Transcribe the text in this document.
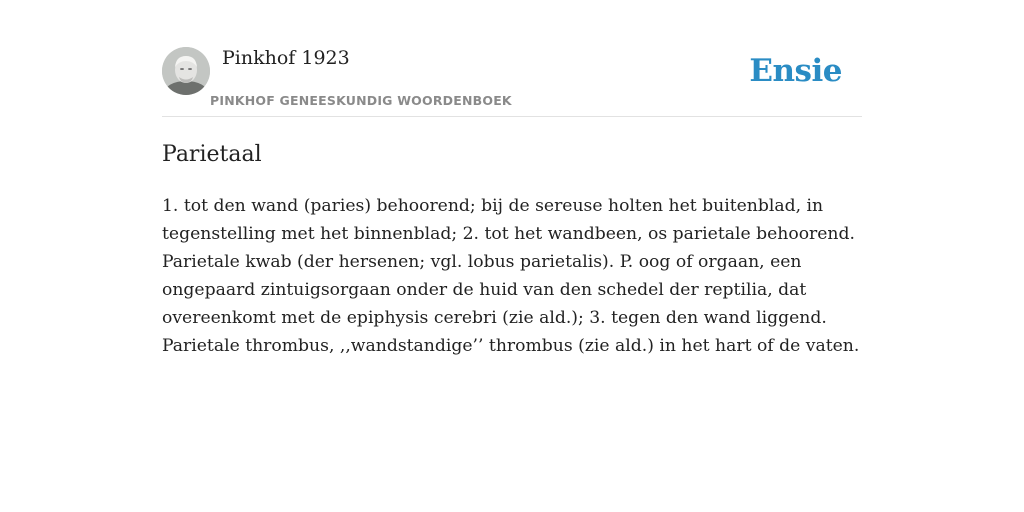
Pinkhof 1923
PINKHOF GENEESKUNDIG WOORDENBOEK
Ensie
Parietaal

1. tot den wand (paries) behoorend; bij de sereuse holten het buitenblad, in
tegenstelling met het binnenblad; 2. tot het wandbeen, os parietale behoorend.
Parietale kwab (der hersenen; vgl. lobus parietalis). P. oog of orgaan, een
ongepaard zintuigsorgaan onder de huid van den schedel der reptilia, dat
overeenkomt met de epiphysis cerebri (zie ald.); 3. tegen den wand liggend.
Parietale thrombus, ,,wandstandige’’ thrombus (zie ald.) in het hart of de vaten.
